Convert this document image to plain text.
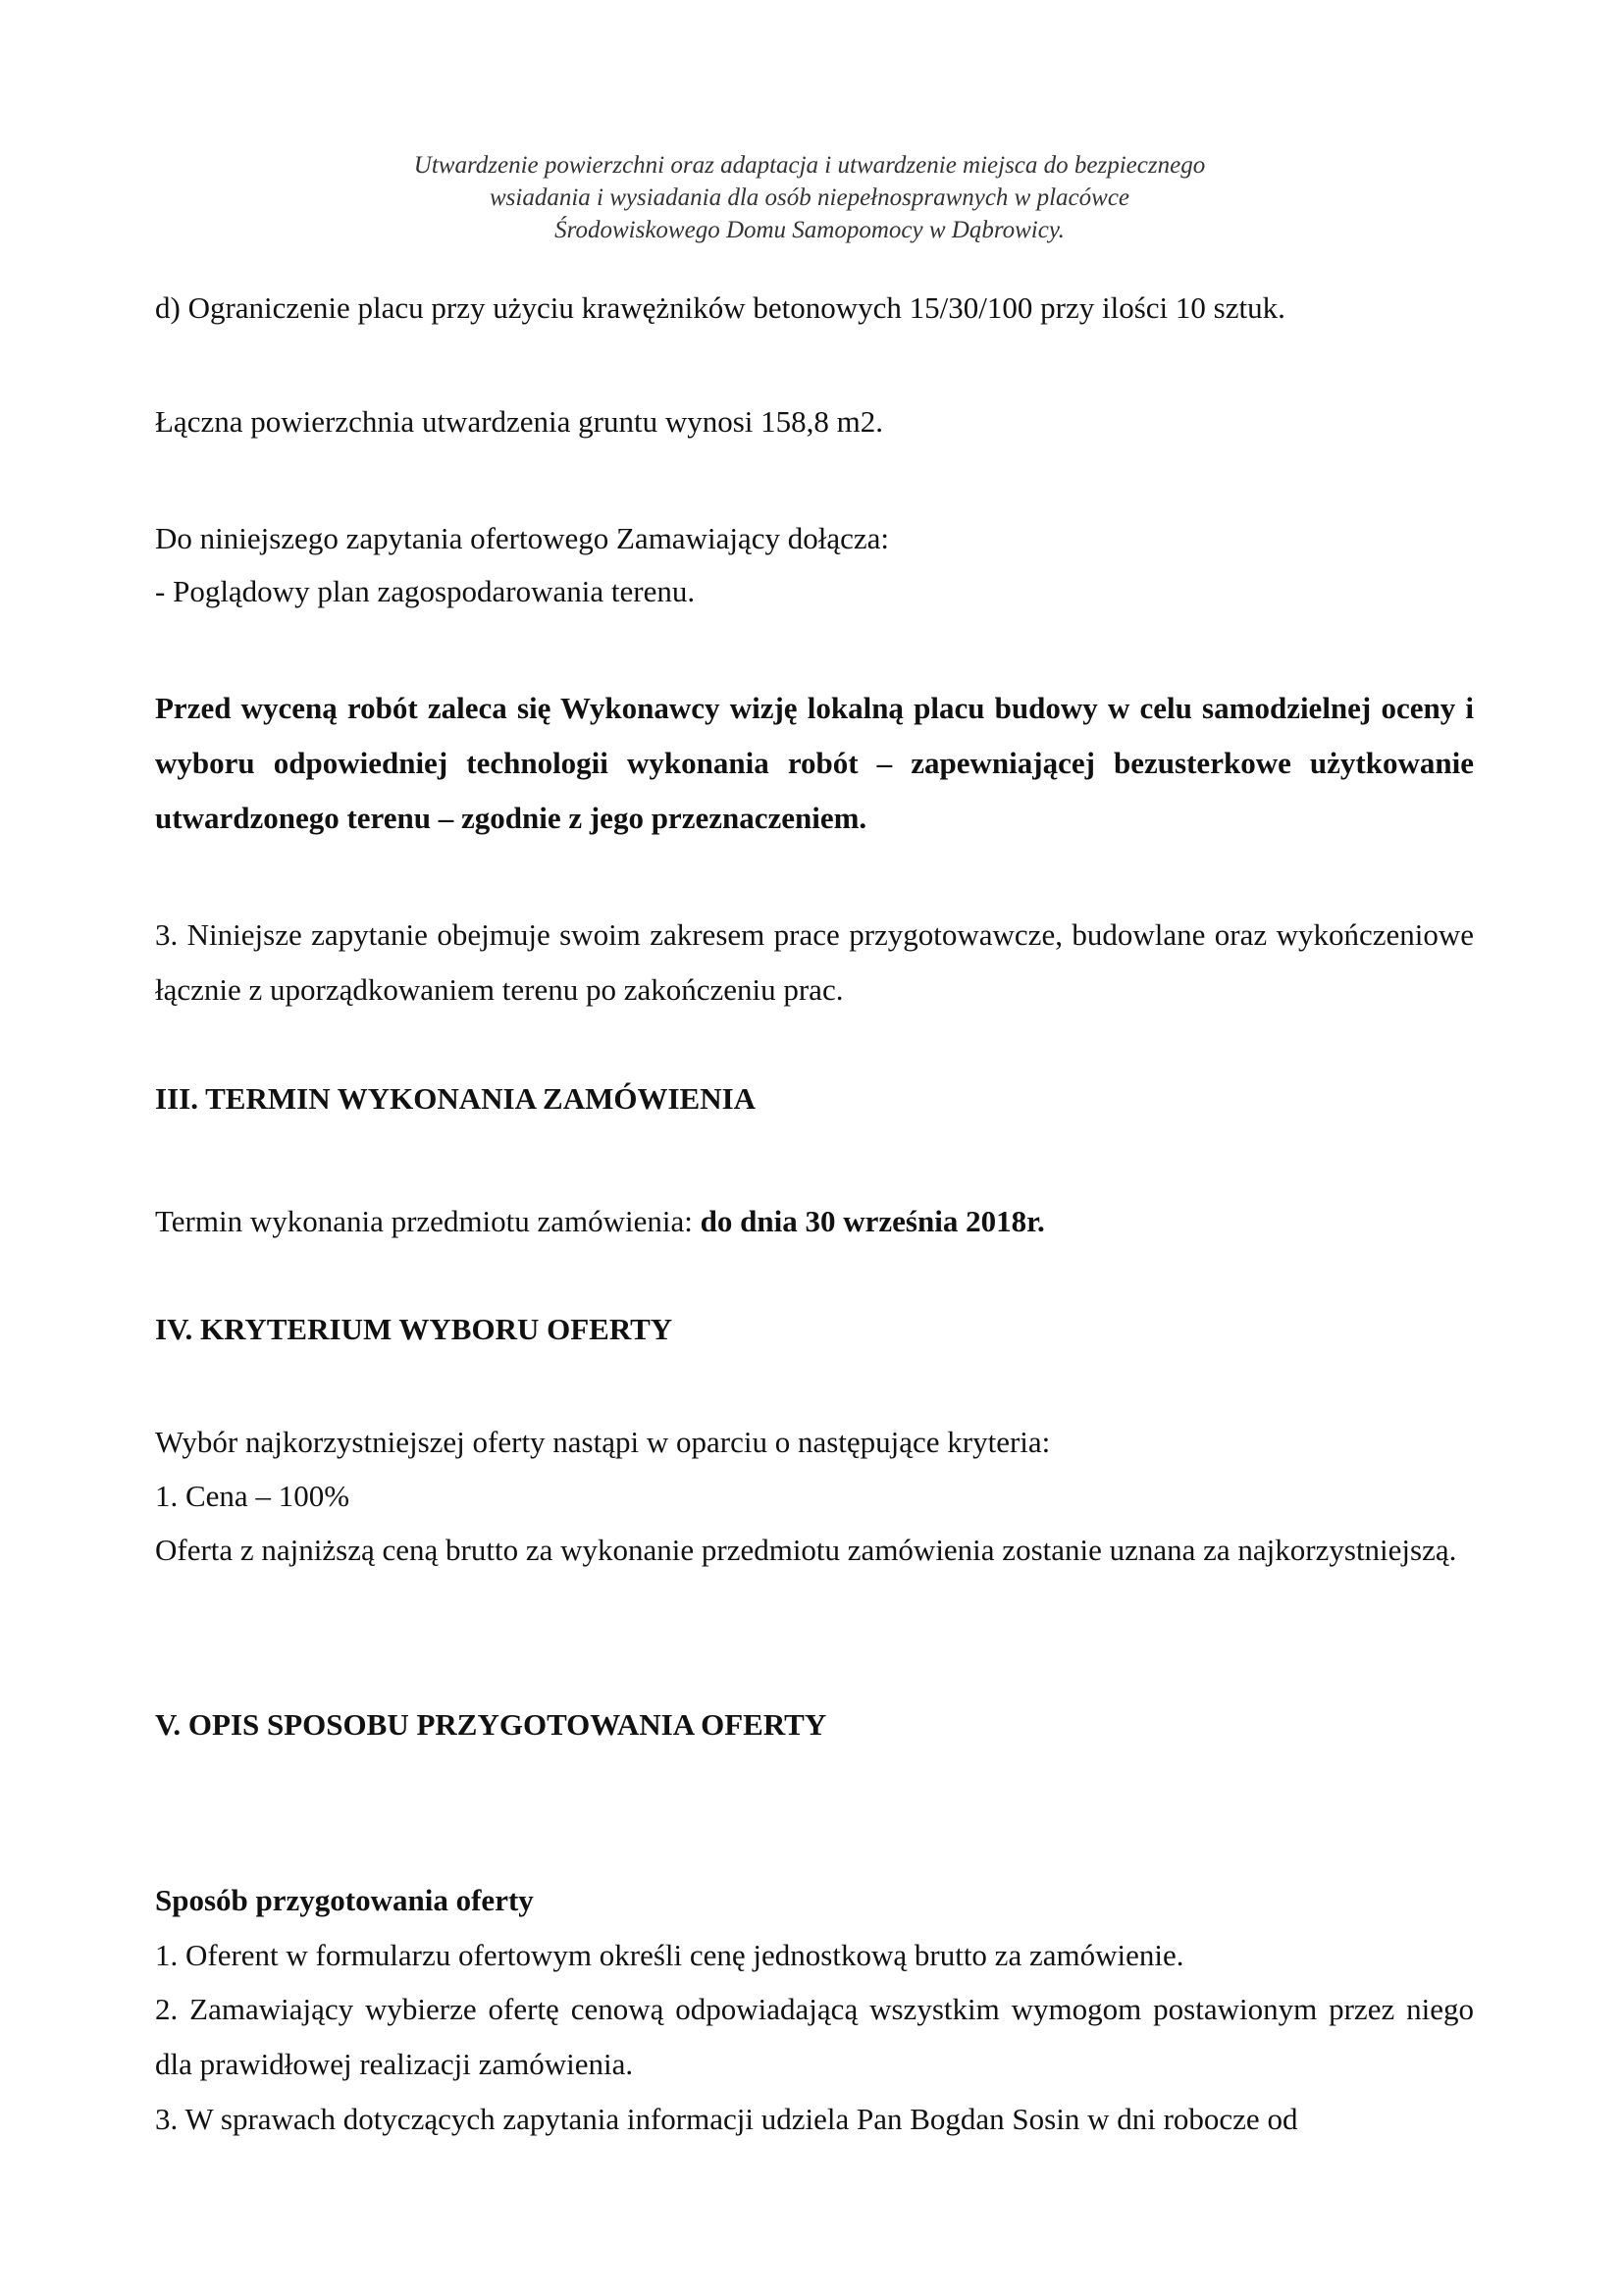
Utwardzenie powierzchni oraz adaptacja i utwardzenie miejsca do bezpiecznego
wsiadania i wysiadania dla osób niepełnosprawnych w placówce
Środowiskowego Domu Samopomocy w Dąbrowicy.
d) Ograniczenie placu przy użyciu krawężników betonowych 15/30/100 przy ilości 10 sztuk.
Łączna powierzchnia utwardzenia gruntu wynosi 158,8 m2.
Do niniejszego zapytania ofertowego Zamawiający dołącza:
- Poglądowy plan zagospodarowania terenu.
Przed wyceną robót zaleca się Wykonawcy wizję lokalną placu budowy w celu samodzielnej oceny i wyboru odpowiedniej technologii wykonania robót – zapewniającej bezusterkowe użytkowanie utwardzonego terenu – zgodnie z jego przeznaczeniem.
3. Niniejsze zapytanie obejmuje swoim zakresem prace przygotowawcze, budowlane oraz wykończeniowe łącznie z uporządkowaniem terenu po zakończeniu prac.
III. TERMIN WYKONANIA ZAMÓWIENIA
Termin wykonania przedmiotu zamówienia: do dnia 30 września 2018r.
IV. KRYTERIUM WYBORU OFERTY
Wybór najkorzystniejszej oferty nastąpi w oparciu o następujące kryteria:
1. Cena – 100%
Oferta z najniższą ceną brutto za wykonanie przedmiotu zamówienia zostanie uznana za najkorzystniejszą.
V. OPIS SPOSOBU PRZYGOTOWANIA OFERTY
Sposób przygotowania oferty
1. Oferent w formularzu ofertowym określi cenę jednostkową brutto za zamówienie.
2. Zamawiający wybierze ofertę cenową odpowiadającą wszystkim wymogom postawionym przez niego dla prawidłowej realizacji zamówienia.
3. W sprawach dotyczących zapytania informacji udziela Pan Bogdan Sosin w dni robocze od
